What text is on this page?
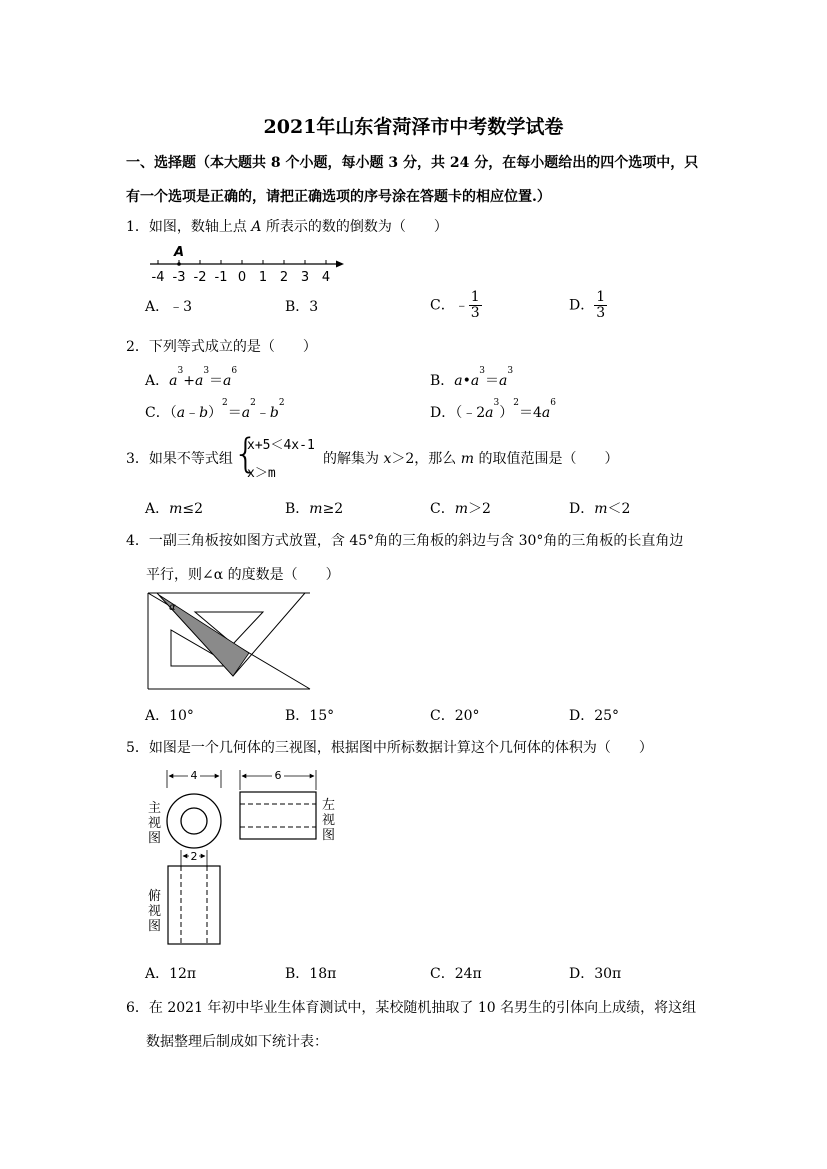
2021年山东省菏泽市中考数学试卷
一、选择题（本大题共 8 个小题，每小题 3 分，共 24 分，在每小题给出的四个选项中，只
有一个选项是正确的，请把正确选项的序号涂在答题卡的相应位置.）
1．如图，数轴上点 A 所表示的数的倒数为（　　）
-4 -3 -2 -1 0 1 2 3 4
A
A．﹣3	B．3	C．﹣ $\frac{1}{3}$	D． $\frac{1}{3}$
2．下列等式成立的是（　　）
A．$a^3+a^3=a^6$
B．$a•a^3=a^3$
C．$(a﹣b)^2=a^2﹣b^2$
D．$(﹣2a^3)^2=4a^6$
3．如果不等式组 {
x+5＜4x-1
x＞m
的解集为 x＞2，那么 m 的取值范围是（　　）
A．m≤2	B．m≥2	C．m＞2	D．m＜2
4．一副三角板按如图方式放置，含 45°角的三角板的斜边与含 30°角的三角板的长直角边
平行，则∠α 的度数是（　　）
α
A．10°	B．15°	C．20°	D．25°
5．如图是一个几何体的三视图，根据图中所标数据计算这个几何体的体积为（　　）
4
主
视
图
6
左
视
图
2
俯
视
图
A．12π	B．18π	C．24π	D．30π
6．在 2021 年初中毕业生体育测试中，某校随机抽取了 10 名男生的引体向上成绩，将这组
数据整理后制成如下统计表：
